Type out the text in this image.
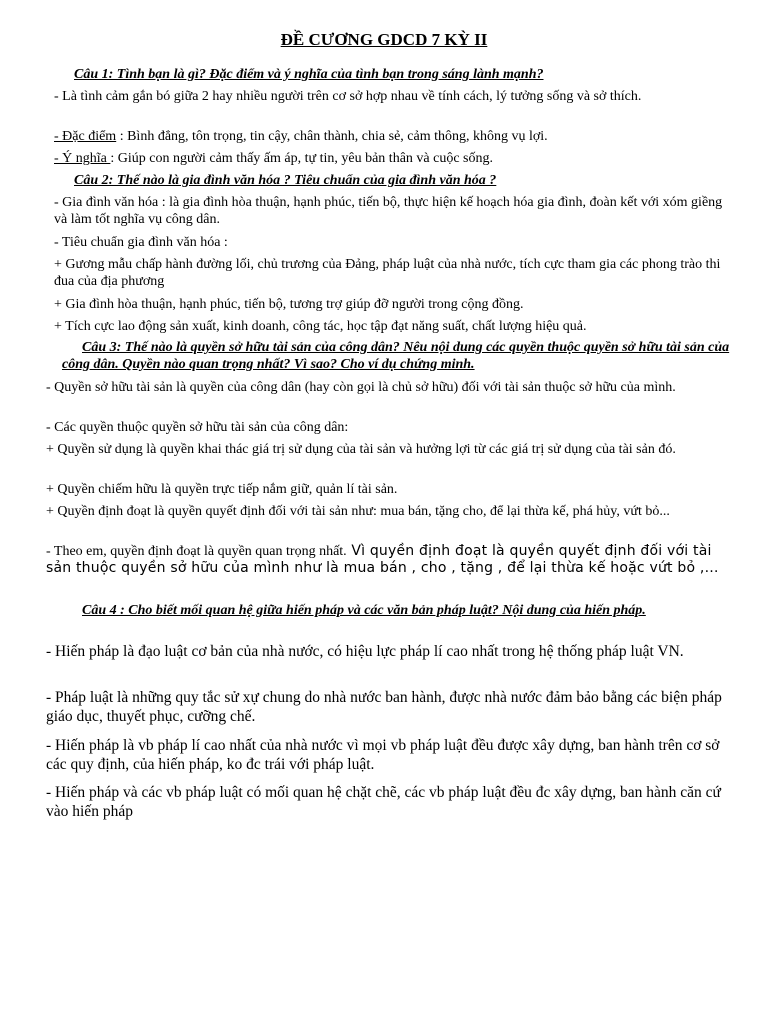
ĐỀ CƯƠNG GDCD 7 KỲ II
Câu 1: Tình bạn là gì? Đặc điểm và ý nghĩa của tình bạn trong sáng lành mạnh?
- Là tình cảm gắn bó giữa 2 hay nhiều người trên cơ sở hợp nhau về tính cách, lý tưởng sống và sở thích.
- Đặc điểm : Bình đẳng, tôn trọng, tin cậy, chân thành, chia sẻ, cảm thông, không vụ lợi.
- Ý nghĩa : Giúp con người cảm thấy ấm áp, tự tin, yêu bản thân và cuộc sống.
Câu 2: Thế nào là gia đình văn hóa ? Tiêu chuẩn của gia đình văn hóa ?
- Gia đình văn hóa : là gia đình hòa thuận, hạnh phúc, tiến bộ, thực hiện kế hoạch hóa gia đình, đoàn kết với xóm giềng và làm tốt nghĩa vụ công dân.
- Tiêu chuẩn gia đình văn hóa :
+ Gương mẫu chấp hành đường lối, chủ trương của Đảng, pháp luật của nhà nước, tích cực tham gia các phong trào thi đua của địa phương
+ Gia đình hòa thuận, hạnh phúc, tiến bộ, tương trợ giúp đỡ người trong cộng đồng.
+ Tích cực lao động sản xuất, kinh doanh, công tác, học tập đạt năng suất, chất lượng hiệu quả.
Câu 3: Thế nào là quyền sở hữu tài sản của công dân? Nêu nội dung các quyền thuộc quyền sở hữu tài sản của công dân. Quyền nào quan trọng nhất? Vì sao? Cho ví dụ chứng minh.
- Quyền sở hữu tài sản là quyền của công dân (hay còn gọi là chủ sở hữu) đối với tài sản thuộc sở hữu của mình.
- Các quyền thuộc quyền sở hữu tài sản của công dân:
+ Quyền sử dụng là quyền khai thác giá trị sử dụng của tài sản và hưởng lợi từ các giá trị sử dụng của tài sản đó.
+ Quyền chiếm hữu là quyền trực tiếp nắm giữ, quản lí tài sản.
+ Quyền định đoạt là quyền quyết định đối với tài sản như: mua bán, tặng cho, để lại thừa kế, phá hủy, vứt bỏ...
- Theo em, quyền định đoạt là quyền quan trọng nhất. Vì quyền định đoạt là quyền quyết định đối với tài sản thuộc quyền sở hữu của mình như là mua bán , cho , tặng , để lại thừa kế hoặc vứt bỏ ,…
Câu 4 : Cho biết mối quan hệ giữa hiến pháp và các văn bản pháp luật? Nội dung của hiến pháp.
- Hiến pháp là đạo luật cơ bản của nhà nước, có hiệu lực pháp lí cao nhất trong hệ thống pháp luật VN.
- Pháp luật là những quy tắc sử xự chung do nhà nước ban hành, được nhà nước đảm bảo bằng các biện pháp giáo dục, thuyết phục, cưỡng chế.
- Hiến pháp là vb pháp lí cao nhất của nhà nước vì mọi vb pháp luật đều được xây dựng, ban hành trên cơ sở các quy định, của hiến pháp, ko đc trái với pháp luật.
- Hiến pháp và các vb pháp luật có mối quan hệ chặt chẽ, các vb pháp luật đều đc xây dựng, ban hành căn cứ vào hiến pháp
